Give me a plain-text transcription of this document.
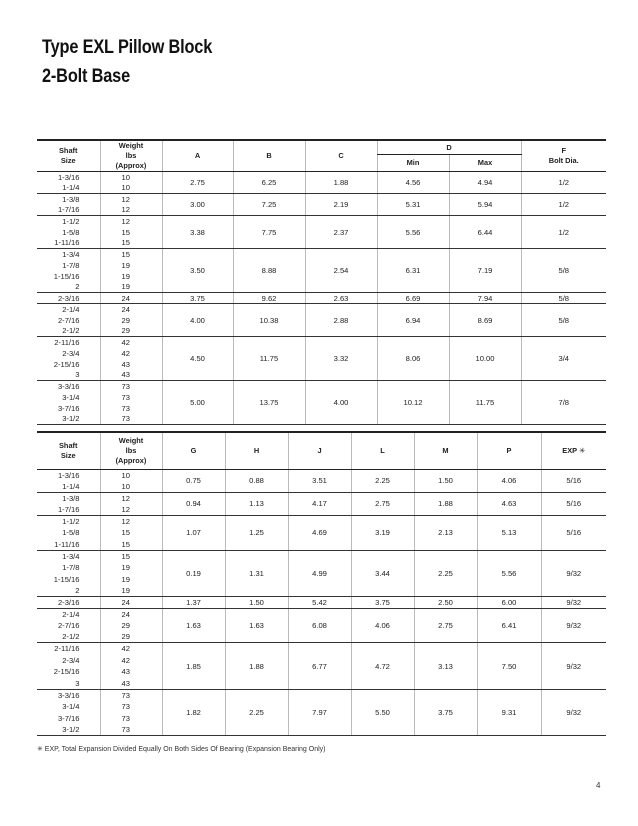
Type EXL Pillow Block
2-Bolt Base
Shaft
Size	Weight
lbs
(Approx)	A	B	C	D		F
Bolt Dia.
					Min	Max	
1-3/16	10	2.75	6.25	1.88	4.56	4.94	1/2
1-1/4	10						
1-3/8	12	3.00	7.25	2.19	5.31	5.94	1/2
1-7/16	12						
1-1/2	12	3.38	7.75	2.37	5.56	6.44	1/2
1-5/8	15						
1-11/16	15						
1-3/4	15	3.50	8.88	2.54	6.31	7.19	5/8
1-7/8	19						
1-15/16	19						
2	19						
2-3/16	24	3.75	9.62	2.63	6.69	7.94	5/8
2-1/4	24	4.00	10.38	2.88	6.94	8.69	5/8
2-7/16	29						
2-1/2	29						
2-11/16	42	4.50	11.75	3.32	8.06	10.00	3/4
2-3/4	42						
2-15/16	43						
3	43						
3-3/16	73	5.00	13.75	4.00	10.12	11.75	7/8
3-1/4	73						
3-7/16	73						
3-1/2	73						
Shaft
Size	Weight
lbs
(Approx)	G	H	J	L	M	P	EXP ✳
1-3/16	10	0.75	0.88	3.51	2.25	1.50	4.06	5/16
1-1/4	10							
1-3/8	12	0.94	1.13	4.17	2.75	1.88	4.63	5/16
1-7/16	12							
1-1/2	12	1.07	1.25	4.69	3.19	2.13	5.13	5/16
1-5/8	15							
1-11/16	15							
1-3/4	15	0.19	1.31	4.99	3.44	2.25	5.56	9/32
1-7/8	19							
1-15/16	19							
2	19							
2-3/16	24	1.37	1.50	5.42	3.75	2.50	6.00	9/32
2-1/4	24	1.63	1.63	6.08	4.06	2.75	6.41	9/32
2-7/16	29							
2-1/2	29							
2-11/16	42	1.85	1.88	6.77	4.72	3.13	7.50	9/32
2-3/4	42							
2-15/16	43							
3	43							
3-3/16	73	1.82	2.25	7.97	5.50	3.75	9.31	9/32
3-1/4	73							
3-7/16	73							
3-1/2	73							
✳ EXP, Total Expansion Divided Equally On Both Sides Of Bearing (Expansion Bearing Only)
4
